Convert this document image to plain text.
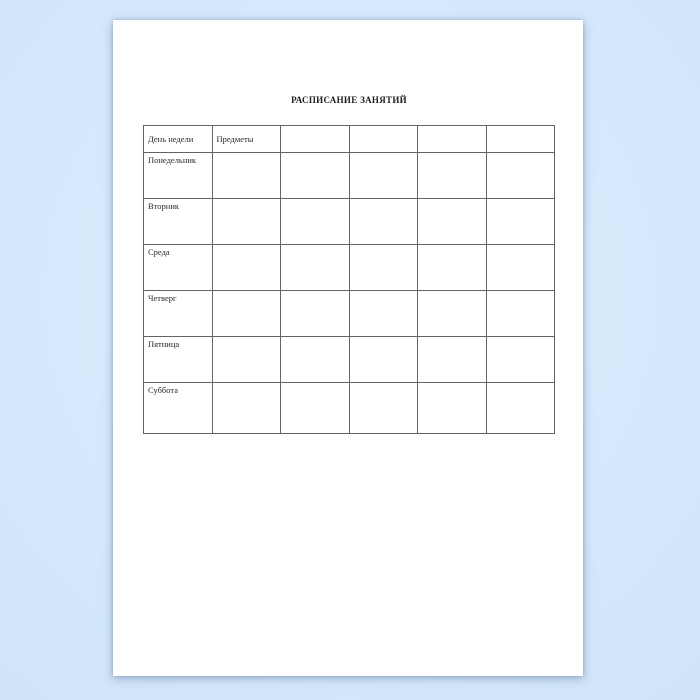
РАСПИСАНИЕ ЗАНЯТИЙ
День недели	Предметы				
Понедельник					
Вторник					
Среда					
Четверг					
Пятница					
Суббота					
